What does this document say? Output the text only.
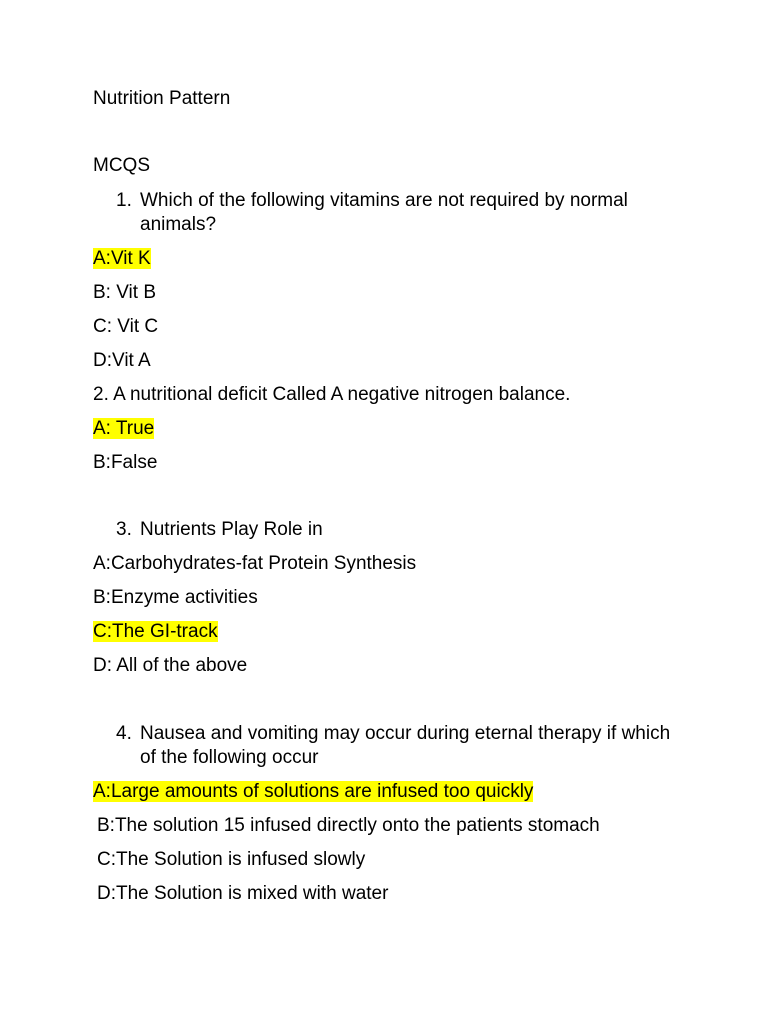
Nutrition Pattern

MCQS

1. Which of the following vitamins are not required by normal animals?

A:Vit K

B: Vit B

C: Vit C

D:Vit A

2. A nutritional deficit Called A negative nitrogen balance.

A: True

B:False

3. Nutrients Play Role in

A:Carbohydrates-fat Protein Synthesis

B:Enzyme activities

C:The GI-track

D: All of the above

4. Nausea and vomiting may occur during eternal therapy if which of the following occur

A:Large amounts of solutions are infused too quickly

B:The solution 15 infused directly onto the patients stomach

C:The Solution is infused slowly

D:The Solution is mixed with water
